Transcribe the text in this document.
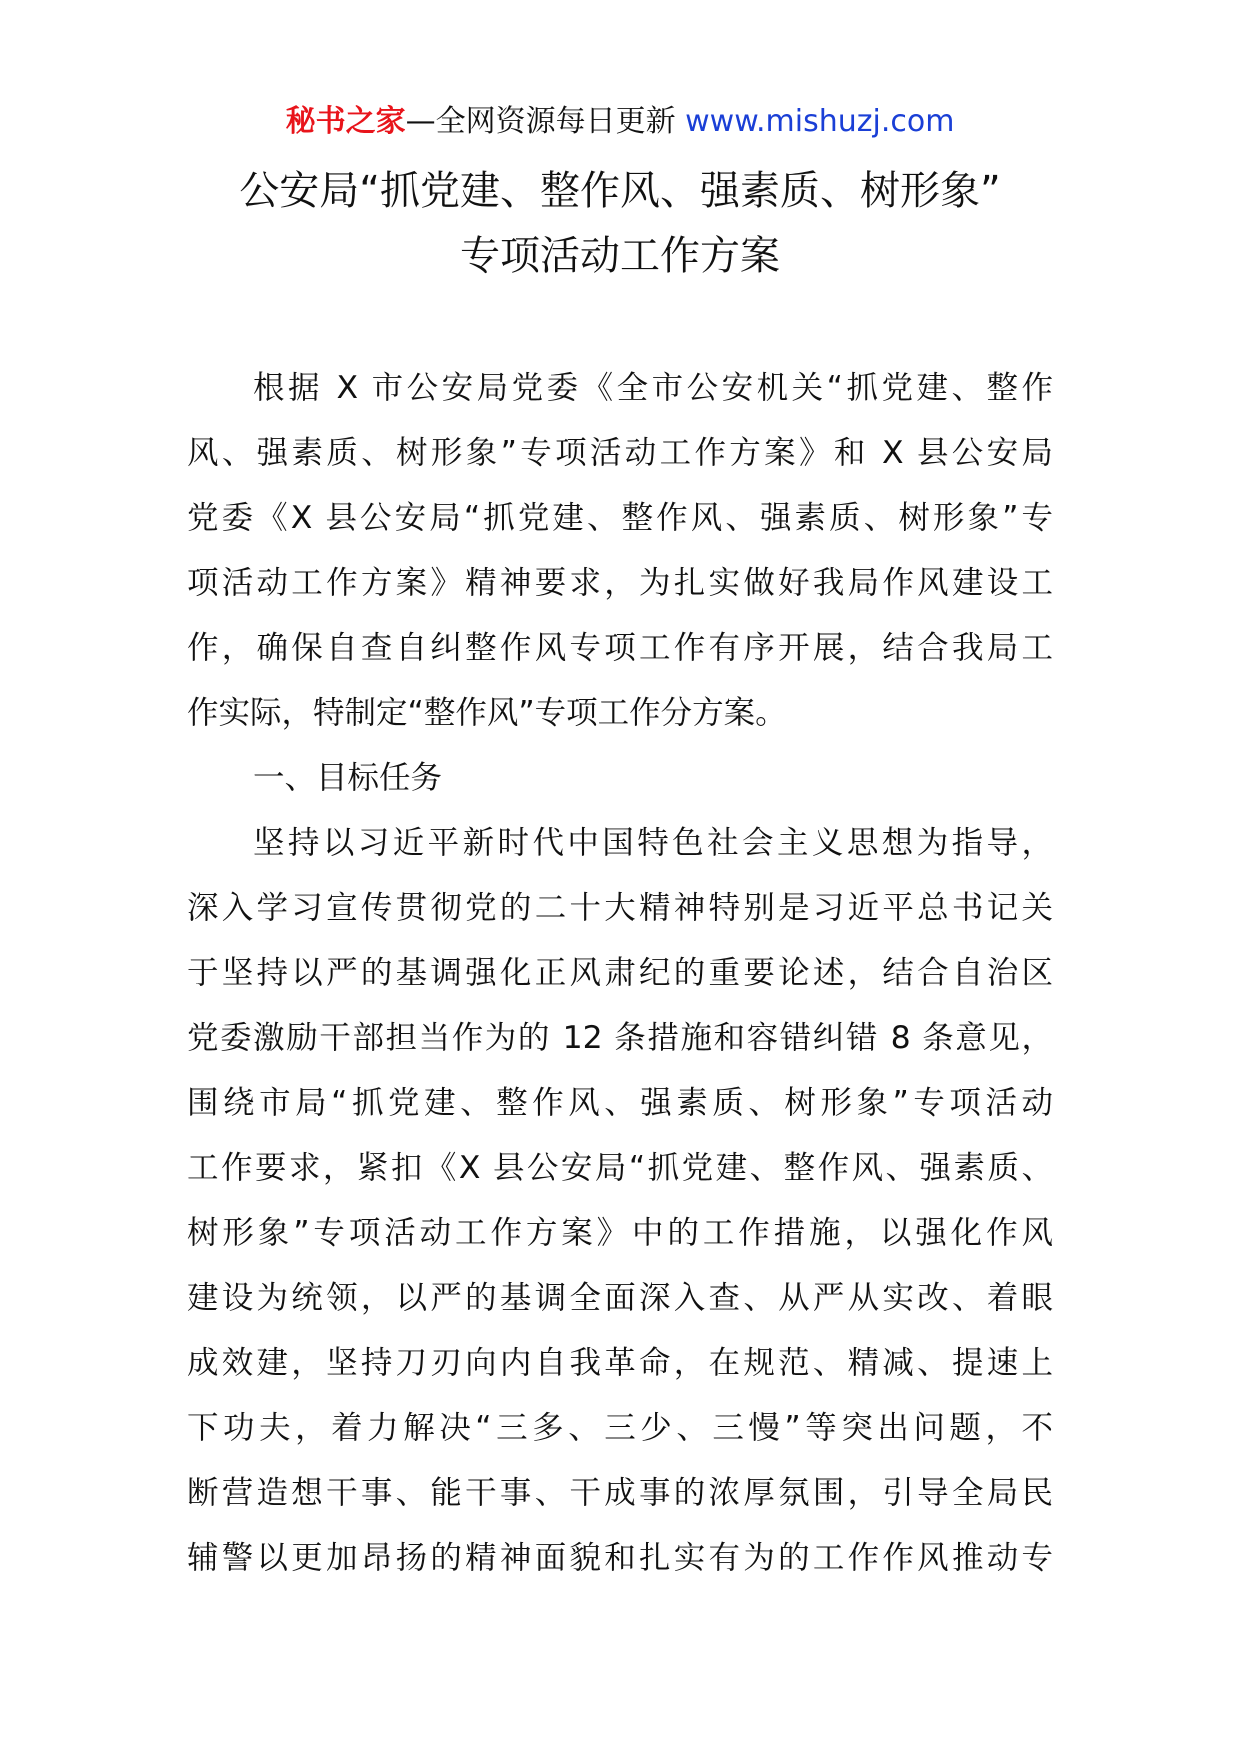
秘书之家—全网资源每日更新 www.mishuzj.com
公安局“抓党建、整作风、强素质、树形象”
专项活动工作方案
根据 X 市公安局党委《全市公安机关“抓党建、整作
风、强素质、树形象”专项活动工作方案》和 X 县公安局
党委《X 县公安局“抓党建、整作风、强素质、树形象”专
项活动工作方案》精神要求，为扎实做好我局作风建设工
作，确保自查自纠整作风专项工作有序开展，结合我局工
作实际，特制定“整作风”专项工作分方案。
一、目标任务
坚持以习近平新时代中国特色社会主义思想为指导，
深入学习宣传贯彻党的二十大精神特别是习近平总书记关
于坚持以严的基调强化正风肃纪的重要论述，结合自治区
党委激励干部担当作为的 12 条措施和容错纠错 8 条意见，
围绕市局“抓党建、整作风、强素质、树形象”专项活动
工作要求，紧扣《X 县公安局“抓党建、整作风、强素质、
树形象”专项活动工作方案》中的工作措施，以强化作风
建设为统领，以严的基调全面深入查、从严从实改、着眼
成效建，坚持刀刃向内自我革命，在规范、精减、提速上
下功夫，着力解决“三多、三少、三慢”等突出问题，不
断营造想干事、能干事、干成事的浓厚氛围，引导全局民
辅警以更加昂扬的精神面貌和扎实有为的工作作风推动专
